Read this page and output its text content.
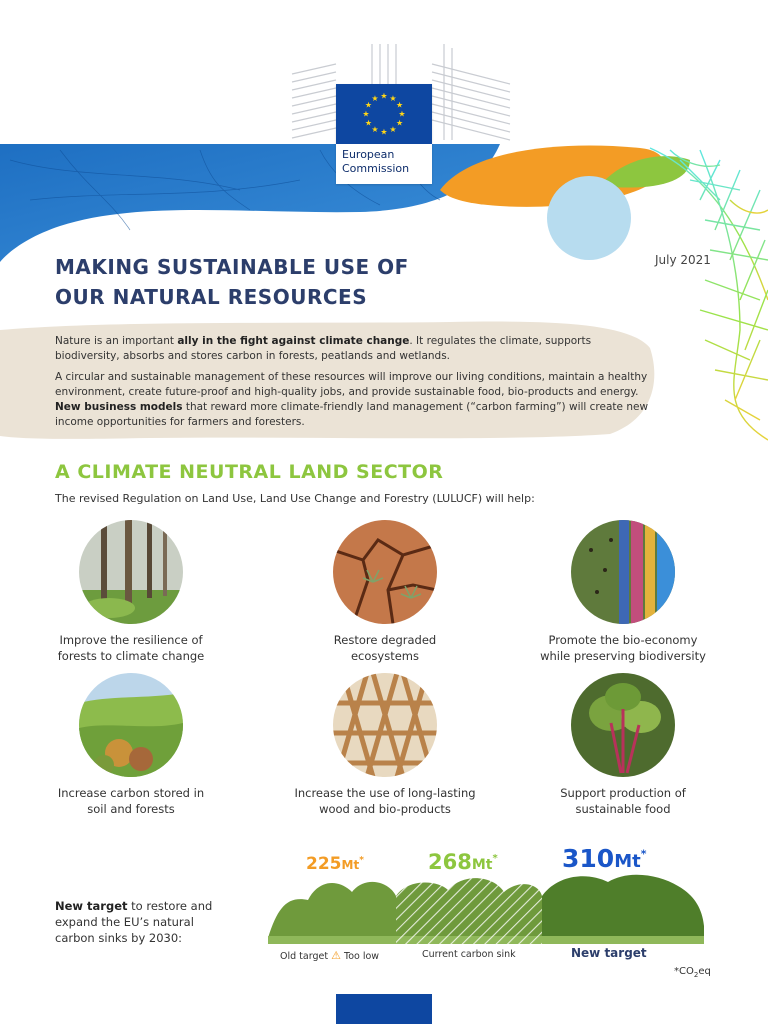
★ ★
★
★
★
★
★
★
★
★
★
★
European
Commission
MAKING SUSTAINABLE USE OF
OUR NATURAL RESOURCES
July 2021

Nature is an important ally in the fight against climate change. It regulates the climate, supports biodiversity, absorbs and stores carbon in forests, peatlands and wetlands.

A circular and sustainable management of these resources will improve our living conditions, maintain a healthy environment, create future-proof and high-quality jobs, and provide sustainable food, bio-products and energy. New business models that reward more climate-friendly land management (“carbon farming”) will create new income opportunities for farmers and foresters.

A CLIMATE NEUTRAL LAND SECTOR
The revised Regulation on Land Use, Land Use Change and Forestry (LULUCF) will help:
Improve the resilience of
forests to climate change
Restore degraded
ecosystems
Promote the bio-economy
while preserving biodiversity
Increase carbon stored in
soil and forests
Increase the use of long-lasting
wood and bio-products
Support production of
sustainable food
New target to restore and expand the EU’s natural carbon sinks by 2030:
225Mt*	268Mt*	310Mt*
Old target ⚠ Too low	Current carbon sink	New target
$*CO_2eq$
